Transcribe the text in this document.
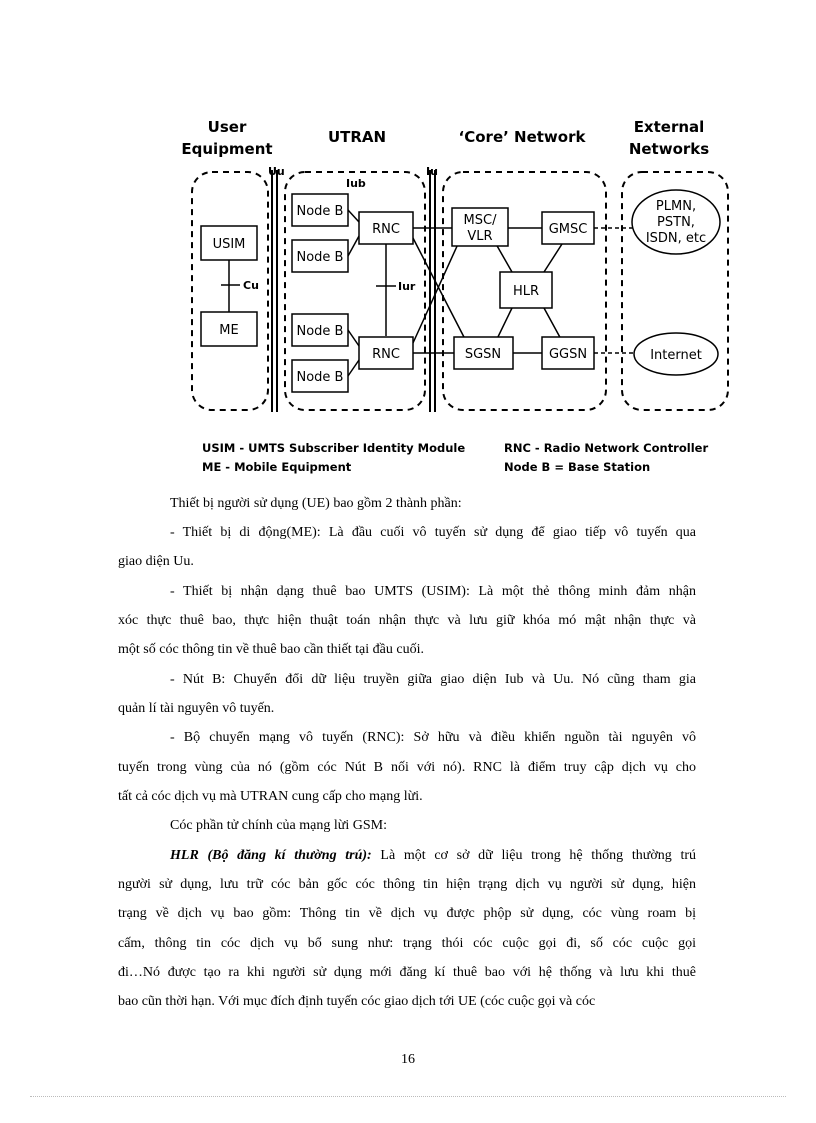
User
Equipment
UTRAN	‘Core’ Network
External
Networks
Uu
Iub
Iu
Cu	Iur
USIM
ME
Node B
Node B
Node B
Node B
RNC
RNC
MSC/
VLR	GMSC
HLR
SGSN	GGSN
PLMN,
PSTN,
ISDN, etc
Internet
USIM - UMTS Subscriber Identity Module
ME - Mobile Equipment
RNC - Radio Network Controller
Node B = Base Station
Thiết bị người sử dụng (UE) bao gồm 2 thành phần:
- Thiết bị di động(ME): Là đầu cuối vô tuyến sử dụng để giao tiếp vô tuyến qua
giao diện Uu.
- Thiết bị nhận dạng thuê bao UMTS (USIM): Là một thẻ thông minh đảm nhận
xóc thực thuê bao, thực hiện thuật toán nhận thực và lưu giữ khóa mó mật nhận thực và
một số cóc thông tin về thuê bao cần thiết tại đầu cuối.
- Nút B: Chuyển đổi dữ liệu truyền giữa giao diện Iub và Uu. Nó cũng tham gia
quản lí tài nguyên vô tuyến.
- Bộ chuyển mạng vô tuyến (RNC): Sở hữu và điều khiển nguồn tài nguyên vô
tuyến trong vùng của nó (gồm cóc Nút B nối với nó). RNC là điểm truy cập dịch vụ cho
tất cả cóc dịch vụ mà UTRAN cung cấp cho mạng lừi.
Cóc phần tử chính của mạng lừi GSM:
HLR (Bộ đăng kí thường trú): Là một cơ sở dữ liệu trong hệ thống thường trú
người sử dụng, lưu trữ cóc bản gốc cóc thông tin hiện trạng dịch vụ người sử dụng, hiện
trạng về dịch vụ bao gồm: Thông tin về dịch vụ được phộp sử dụng, cóc vùng roam bị
cấm, thông tin cóc dịch vụ bổ sung như: trạng thói cóc cuộc gọi đi, số cóc cuộc gọi
đi…Nó được tạo ra khi người sử dụng mới đăng kí thuê bao với hệ thống và lưu khi thuê
bao cũn thời hạn. Với mục đích định tuyến cóc giao dịch tới UE (cóc cuộc gọi và cóc
16
